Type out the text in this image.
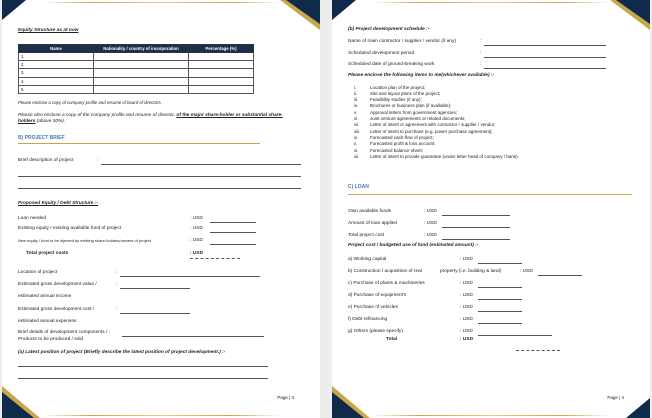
Equity Structure as at now
Name	Nationality / country of incorporation	Percentage (%)
1.		
2.		
3.		
4.		
5.		
Please enclose a copy of company profile and resume of board of directors.
Please also enclose a copy of the company profile and resume of director, of the major share-holder or substantial share-
holders (above 30%).
B) PROJECT BRIEF
Brief description of project	:
Proposed Equity / Debt Structure :-
Loan needed	: USD
Existing equity / existing available fund of project	: USD
New equity / fund to be injected by existing share-holders/owners of project	: USD
Total project costs	: USD
Location of project	:
Estimated gross development value /	:
estimated annual income
Estimated gross development cost /	:
estimated annual expenses
Brief details of development components / :
Products to be produced / sold
(a) Latest position of project (Briefly describe the latest position of project development.) :-
Page | 3
(b) Project development schedule :-
Name of main contractor / supplier / vendor (if any)	:
Scheduled development period	:
Scheduled date of ground-breaking work	:
Please enclose the following items to me(whichever available) :-
i.	Location plan of the project;
ii.	Site and layout plans of the project;
iii.	Feasibility studies (if any);
iv.	Brochures or business plan (if available);
v.	Approval letters from government agencies;
vi.	Joint venture agreements or related documents;
vii. Letter of intent or agreement with contractor / supplier / vendor;
viii. Letter of intent to purchase (e.g. power purchase agreement);
ix.	Forecasted cash-flow of project;
x.	Forecasted profit & loss account;
xi.	Forecasted balance sheet;
xii. Letter of intent to provide guarantee (under letter head of company / bank).
C) LOAN
Own available funds	: USD
Amount of loan applied	: USD
Total project cost	: USD
Project cost / budgeted use of fund (estimated amount) :-
a) Working capital	: USD
b) Construction / acquisition of real	property (i.e. building & land)	: USD
c) Purchase of plants & machineries	: USD
d) Purchase of equipment's	: USD
e) Purchase of vehicles	: USD
f) Debt refinancing	: USD
g) Others (please specify)	: USD
Total	: USD
Page | 4
